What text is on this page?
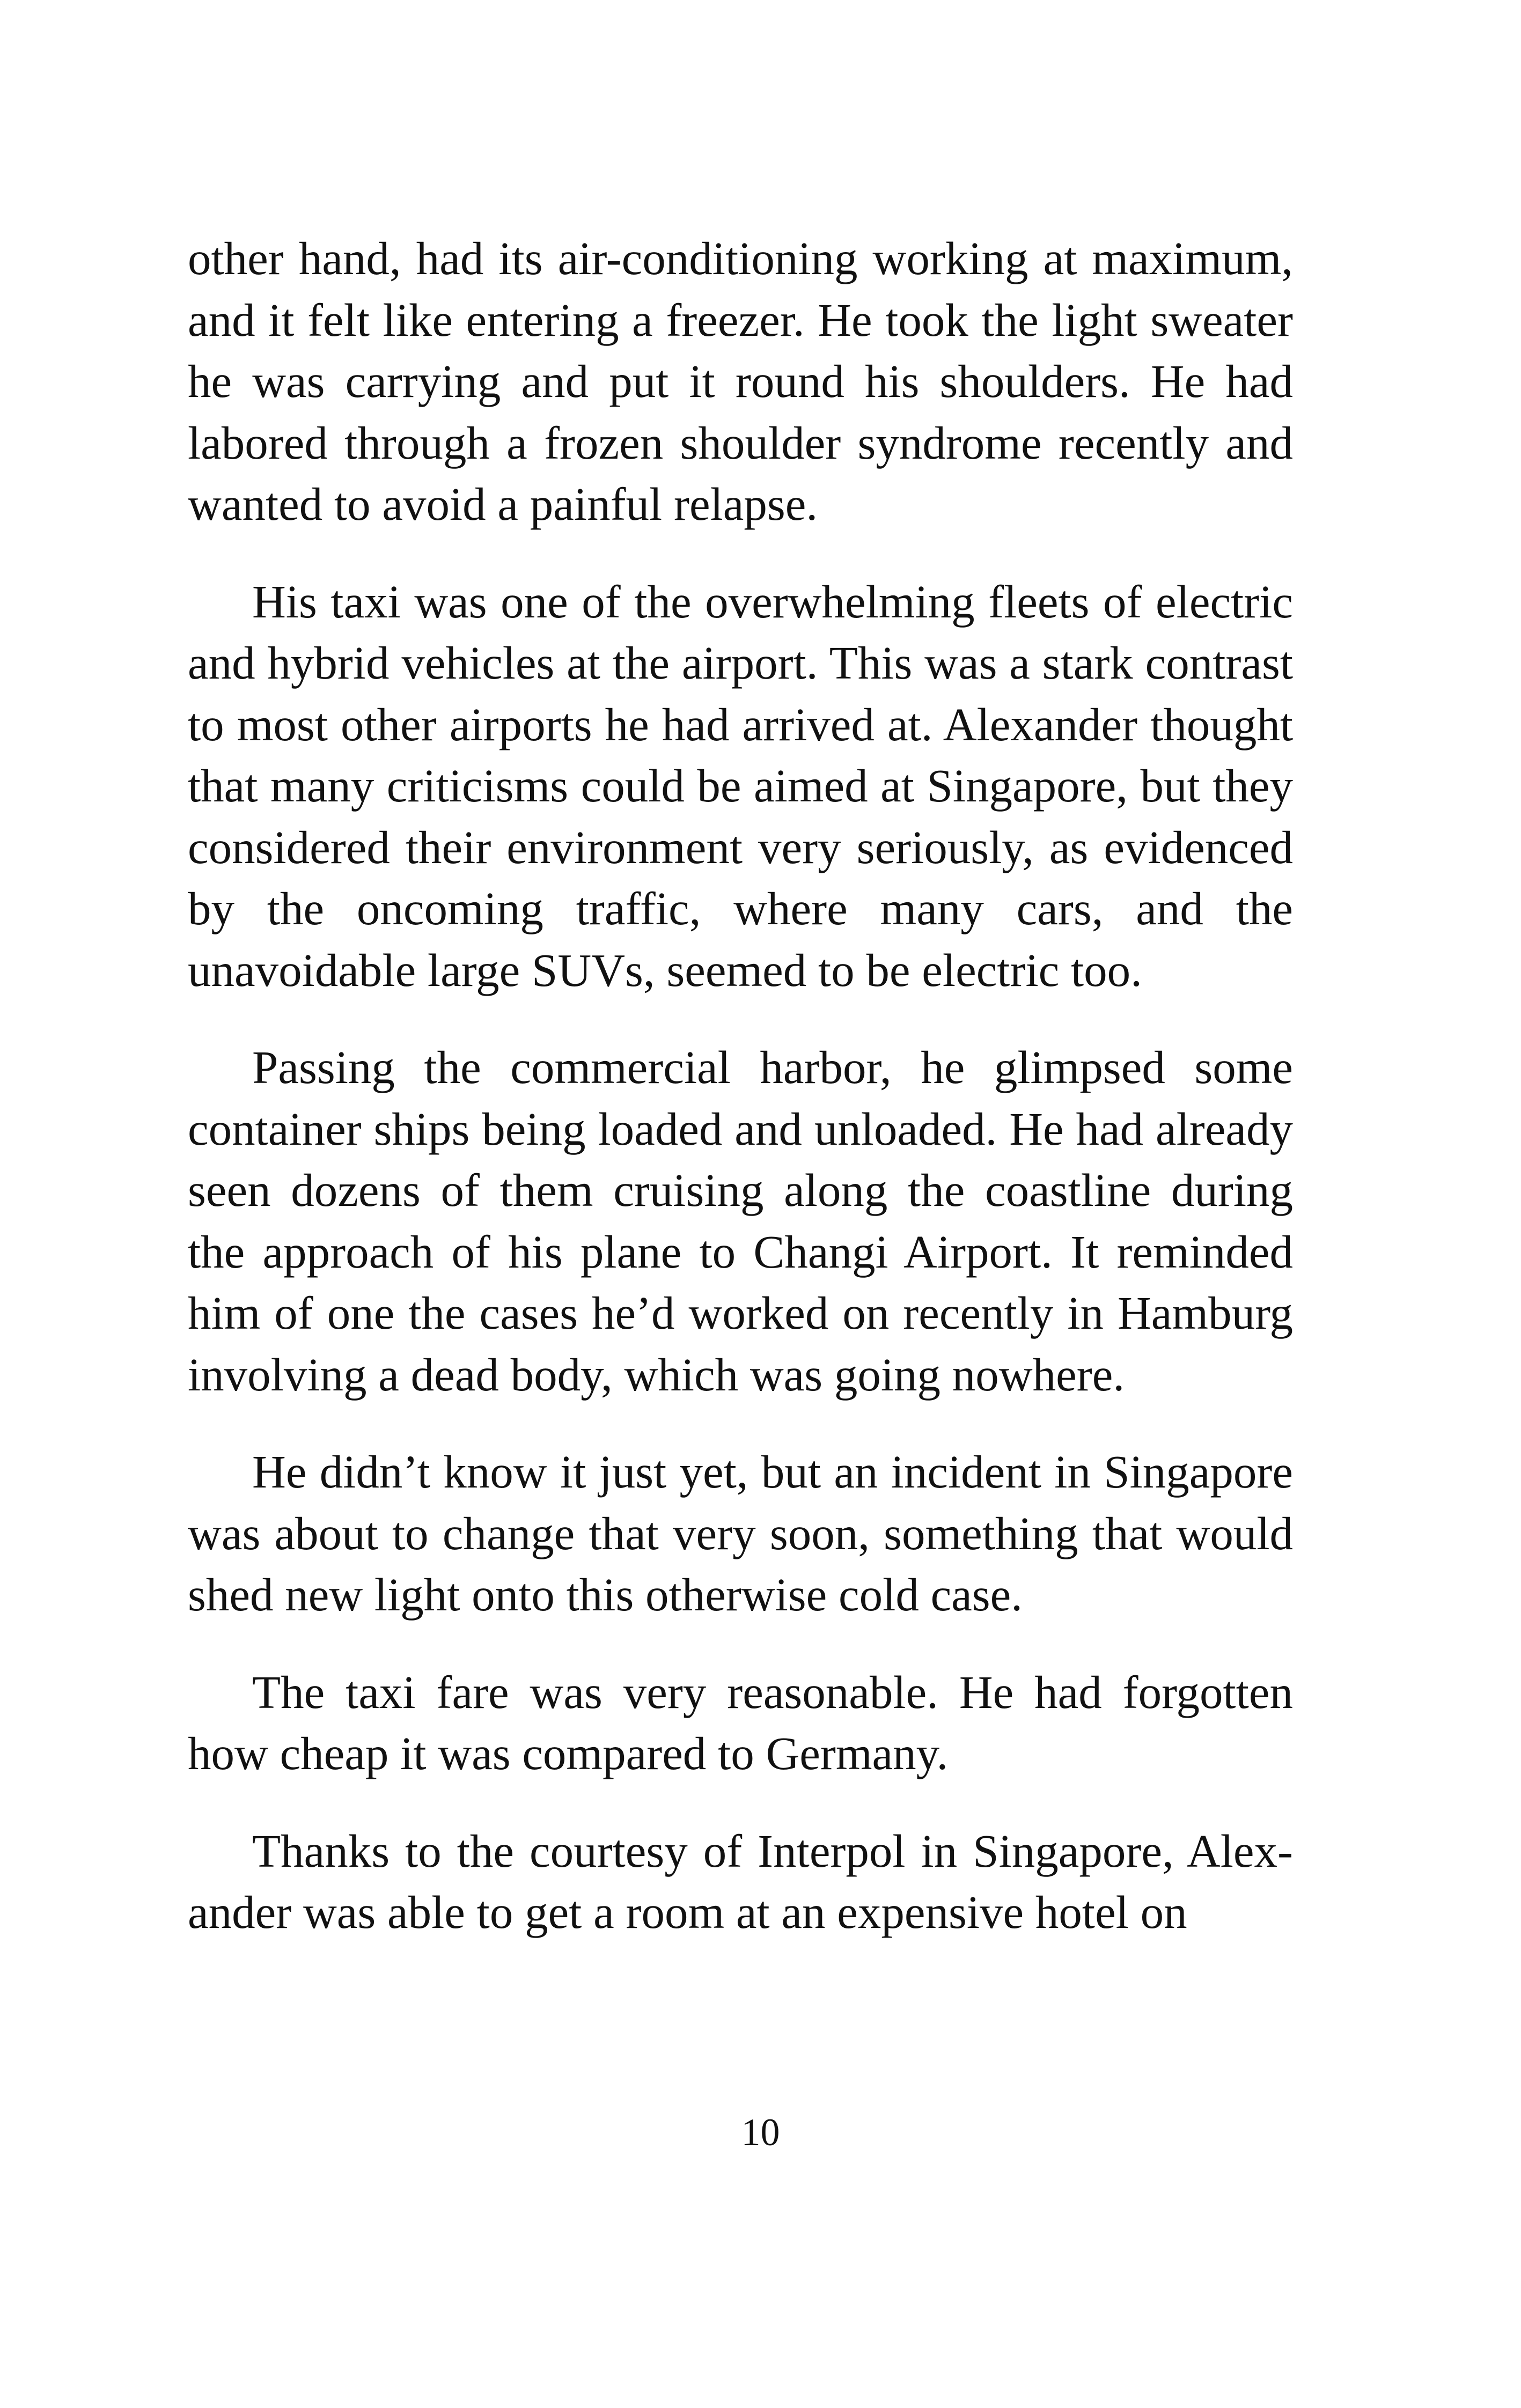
other hand, had its air-conditioning working at maximum, and it felt like entering a freezer. He took the light sweater he was carrying and put it round his shoulders. He had labored through a frozen shoulder syndrome recently and wanted to avoid a painful relapse.

His taxi was one of the overwhelming fleets of electric and hybrid vehicles at the airport. This was a stark contrast to most other airports he had arrived at. Alexander thought that many criticisms could be aimed at Singapore, but they considered their environment very seriously, as evidenced by the oncoming traffic, where many cars, and the unavoidable large SUVs, seemed to be electric too.

Passing the commercial harbor, he glimpsed some container ships being loaded and unloaded. He had already seen dozens of them cruising along the coastline during the approach of his plane to Changi Airport. It reminded him of one the cases he’d worked on recently in Hamburg involving a dead body, which was going nowhere.

He didn’t know it just yet, but an incident in Singapore was about to change that very soon, something that would shed new light onto this otherwise cold case.

The taxi fare was very reasonable. He had forgotten how cheap it was compared to Germany.

Thanks to the courtesy of Interpol in Singapore, Alexander was able to get a room at an expensive hotel on

10
